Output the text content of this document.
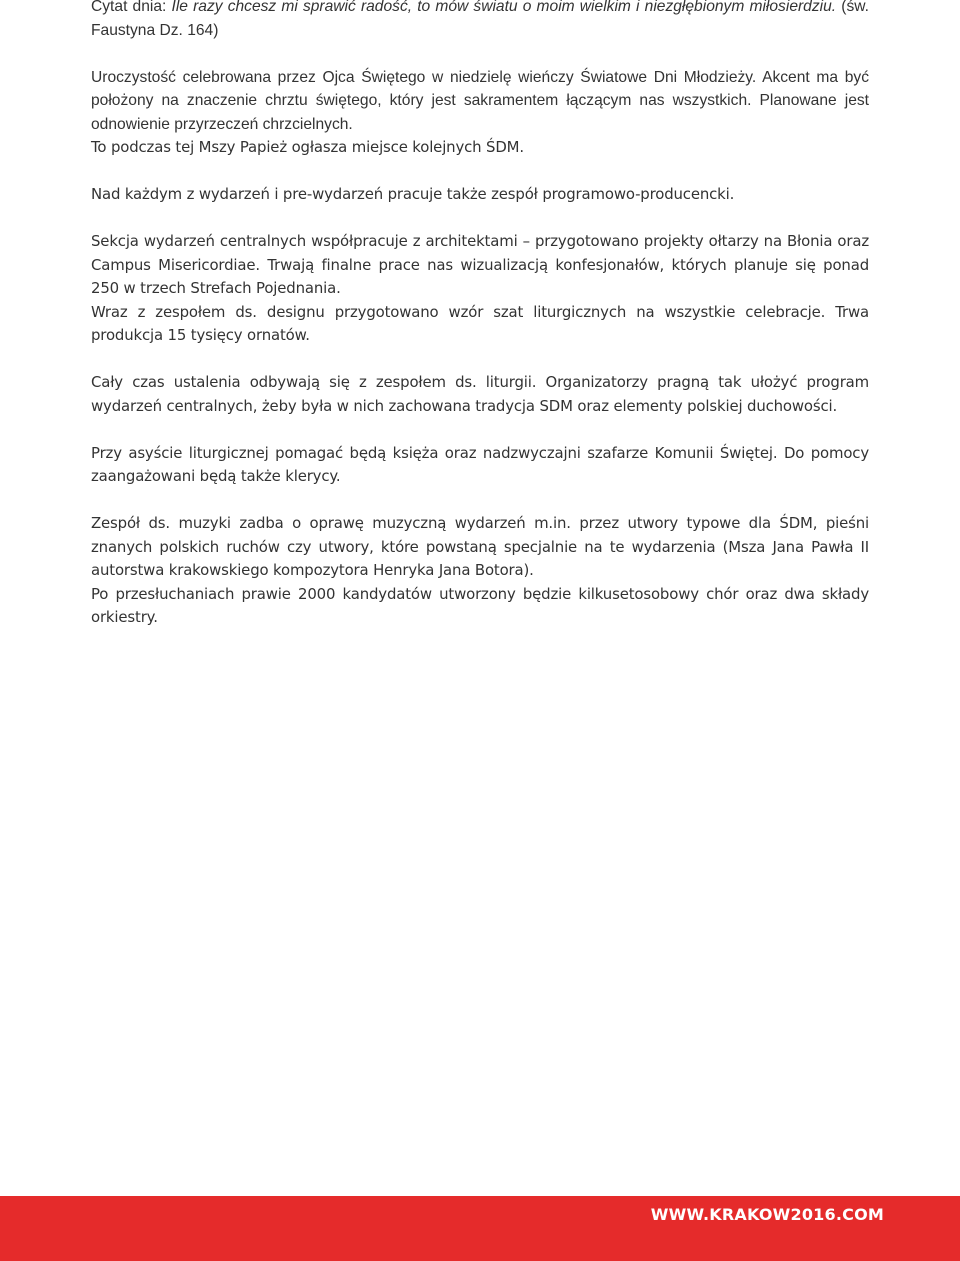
Cytat dnia: Ile razy chcesz mi sprawić radość, to mów światu o moim wielkim i niezgłębionym miłosierdziu. (św. Faustyna Dz. 164)

Uroczystość celebrowana przez Ojca Świętego w niedzielę wieńczy Światowe Dni Młodzieży. Akcent ma być położony na znaczenie chrztu świętego, który jest sakramentem łączącym nas wszystkich. Planowane jest odnowienie przyrzeczeń chrzcielnych.

To podczas tej Mszy Papież ogłasza miejsce kolejnych ŚDM.

Nad każdym z wydarzeń i pre-wydarzeń pracuje także zespół programowo-producencki.

Sekcja wydarzeń centralnych współpracuje z architektami – przygotowano projekty ołtarzy na Błonia oraz Campus Misericordiae. Trwają finalne prace nas wizualizacją konfesjonałów, których planuje się ponad 250 w trzech Strefach Pojednania.

Wraz z zespołem ds. designu przygotowano wzór szat liturgicznych na wszystkie celebracje. Trwa produkcja 15 tysięcy ornatów.

Cały czas ustalenia odbywają się z zespołem ds. liturgii. Organizatorzy pragną tak ułożyć program wydarzeń centralnych, żeby była w nich zachowana tradycja SDM oraz elementy polskiej duchowości.

Przy asyście liturgicznej pomagać będą księża oraz nadzwyczajni szafarze Komunii Świętej. Do pomocy zaangażowani będą także klerycy.

Zespół ds. muzyki zadba o oprawę muzyczną wydarzeń m.in. przez utwory typowe dla ŚDM, pieśni znanych polskich ruchów czy utwory, które powstaną specjalnie na te wydarzenia (Msza Jana Pawła II autorstwa krakowskiego kompozytora Henryka Jana Botora).

Po przesłuchaniach prawie 2000 kandydatów utworzony będzie kilkusetosobowy chór oraz dwa składy orkiestry.

WWW.KRAKOW2016.COM
